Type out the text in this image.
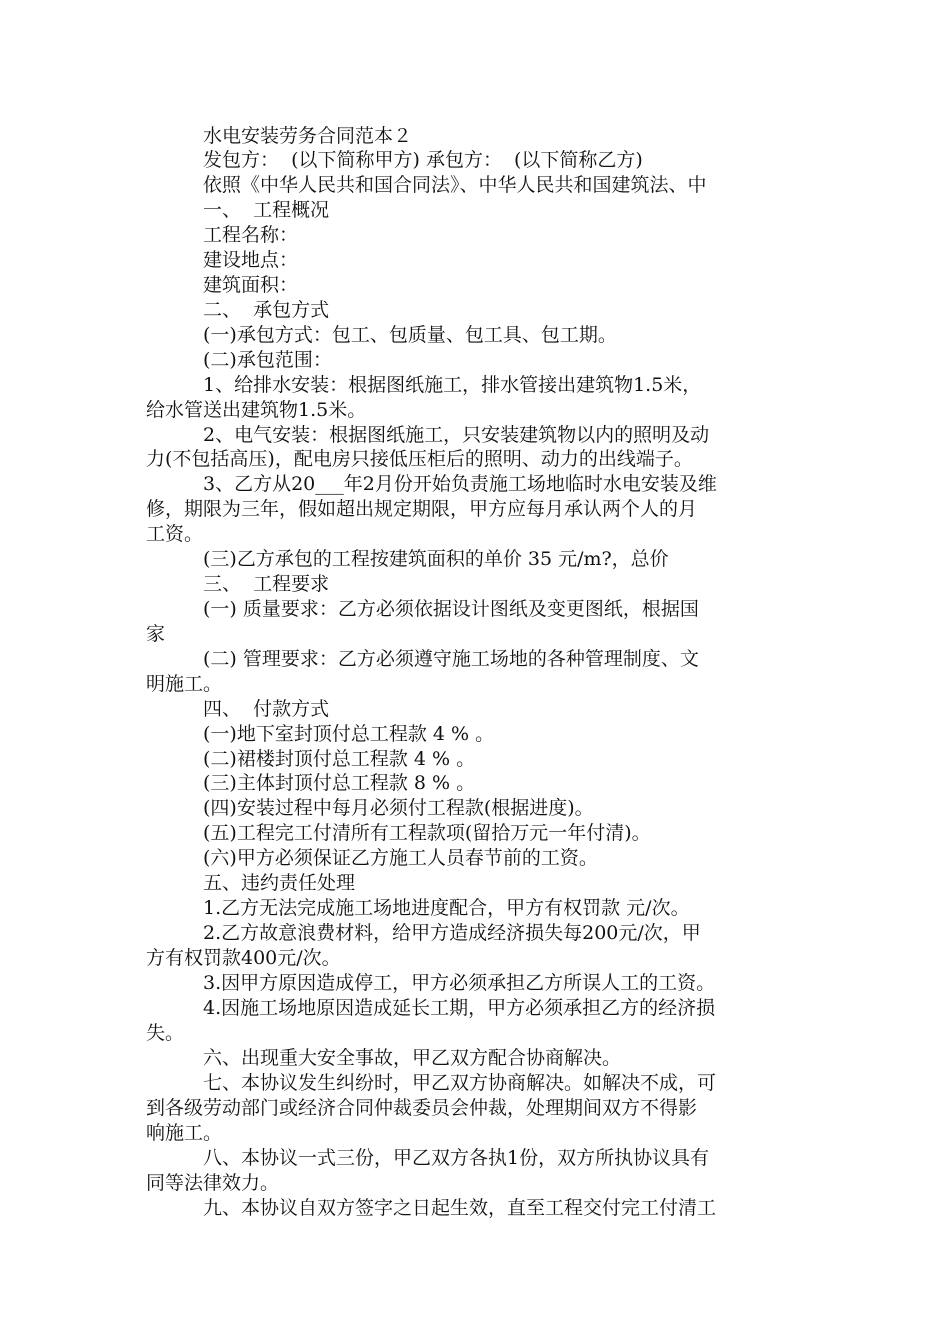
水电安装劳务合同范本２
发包方：  (以下简称甲方) 承包方：  (以下简称乙方)
依照《中华人民共和国合同法》、中华人民共和国建筑法、中
一、  工程概况
工程名称：
建设地点：
建筑面积：
二、  承包方式
(一)承包方式：包工、包质量、包工具、包工期。
(二)承包范围：
1、给排水安装：根据图纸施工，排水管接出建筑物1.5米，
给水管送出建筑物1.5米。
2、电气安装：根据图纸施工，只安装建筑物以内的照明及动
力(不包括高压)，配电房只接低压柜后的照明、动力的出线端子。
3、乙方从20___年2月份开始负责施工场地临时水电安装及维
修，期限为三年，假如超出规定期限，甲方应每月承认两个人的月
工资。
(三)乙方承包的工程按建筑面积的单价 35 元/m?，总价
三、  工程要求
(一) 质量要求：乙方必须依据设计图纸及变更图纸，根据国
家
(二) 管理要求：乙方必须遵守施工场地的各种管理制度、文
明施工。
四、  付款方式
(一)地下室封顶付总工程款 4 % 。
(二)裙楼封顶付总工程款 4 % 。
(三)主体封顶付总工程款 8 % 。
(四)安装过程中每月必须付工程款(根据进度)。
(五)工程完工付清所有工程款项(留拾万元一年付清)。
(六)甲方必须保证乙方施工人员春节前的工资。
五、违约责任处理
1.乙方无法完成施工场地进度配合，甲方有权罚款 元/次。
2.乙方故意浪费材料，给甲方造成经济损失每200元/次，甲
方有权罚款400元/次。
3.因甲方原因造成停工，甲方必须承担乙方所误人工的工资。
4.因施工场地原因造成延长工期，甲方必须承担乙方的经济损
失。
六、出现重大安全事故，甲乙双方配合协商解决。
七、本协议发生纠纷时，甲乙双方协商解决。如解决不成，可
到各级劳动部门或经济合同仲裁委员会仲裁，处理期间双方不得影
响施工。
八、本协议一式三份，甲乙双方各执1份，双方所执协议具有
同等法律效力。
九、本协议自双方签字之日起生效，直至工程交付完工付清工
